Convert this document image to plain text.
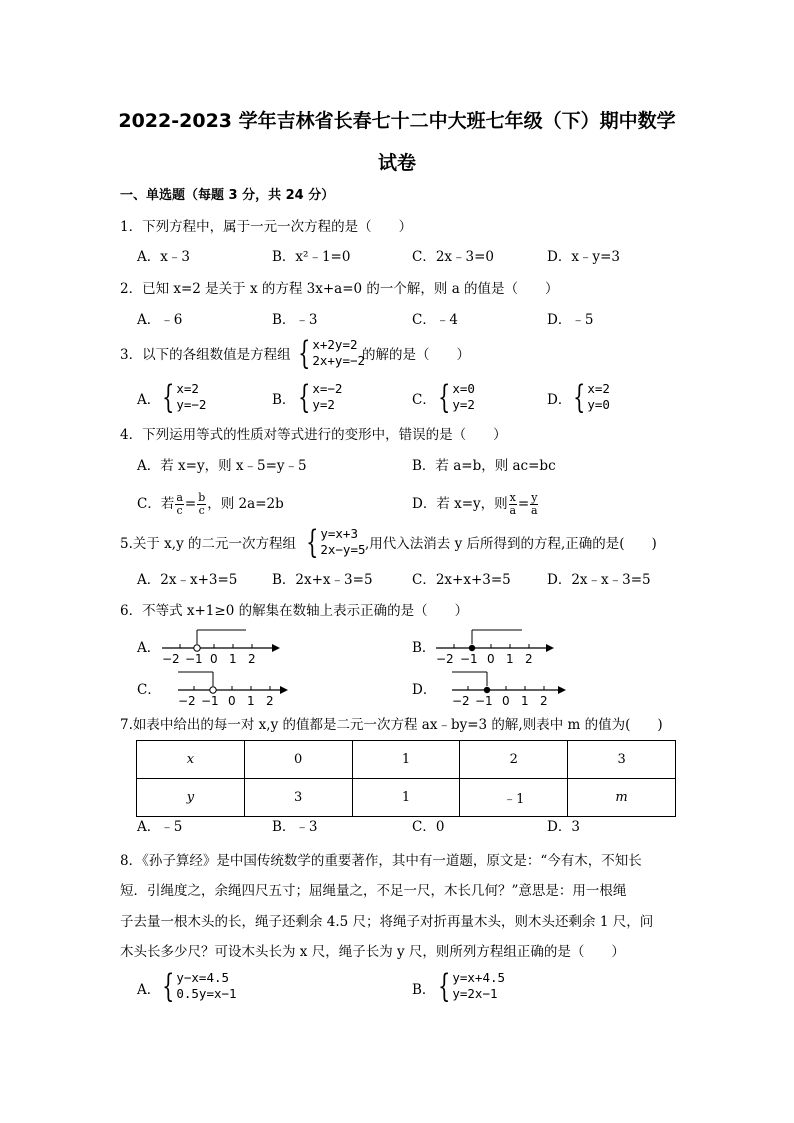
2022-2023 学年吉林省长春七十二中大班七年级（下）期中数学
试卷
一、单选题（每题 3 分，共 24 分）
1．下列方程中，属于一元一次方程的是（　　）
A．x﹣3	B．x²﹣1=0	C．2x﹣3=0	D．x﹣y=3
2．已知 x=2 是关于 x 的方程 3x+a=0 的一个解，则 a 的值是（　　）
A．﹣6	B．﹣3	C．﹣4	D．﹣5
3．以下的各组数值是方程组 { x+2y=2
2x+y=−2
的解的是（　　）
A． { x=2
y=−2	B． { x=−2
y=2	C． { x=0
y=2	D． { x=2
y=0
4．下列运用等式的性质对等式进行的变形中，错误的是（　　）
A．若 x=y，则 x﹣5=y﹣5	B．若 a=b，则 ac=bc
C．若 $\frac{a}{c} = \frac{b}{c}$ ，则 2a=2b	D．若 x=y，则 $\frac{x}{a} = \frac{y}{a}$
5.关于 x,y 的二元一次方程组 { y=x+3
2x−y=5 ,用代入法消去 y 后所得到的方程,正确的是(　　)
A．2x﹣x+3=5	B．2x+x﹣3=5	C．2x+x+3=5	D．2x﹣x﹣3=5
6．不等式 x+1≥0 的解集在数轴上表示正确的是（　　）
A．
−2 −1 0 1 2
B．
−2 −1 0 1 2
C．
−2 −1 0 1 2
D．
−2 −1 0 1 2
7.如表中给出的每一对 x,y 的值都是二元一次方程 ax﹣by=3 的解,则表中 m 的值为(　　)
x	0	1	2	3
y	3	1	﹣1	m
A．﹣5	B．﹣3	C．0	D．3
8．《孙子算经》是中国传统数学的重要著作，其中有一道题，原文是：“今有木，不知长
短．引绳度之，余绳四尺五寸；屈绳量之，不足一尺，木长几何？”意思是：用一根绳
子去量一根木头的长，绳子还剩余 4.5 尺；将绳子对折再量木头，则木头还剩余 1 尺，问
木头长多少尺？可设木头长为 x 尺，绳子长为 y 尺，则所列方程组正确的是（　　）
A． { y−x=4.5
0.5y=x−1	B． { y=x+4.5
y=2x−1
